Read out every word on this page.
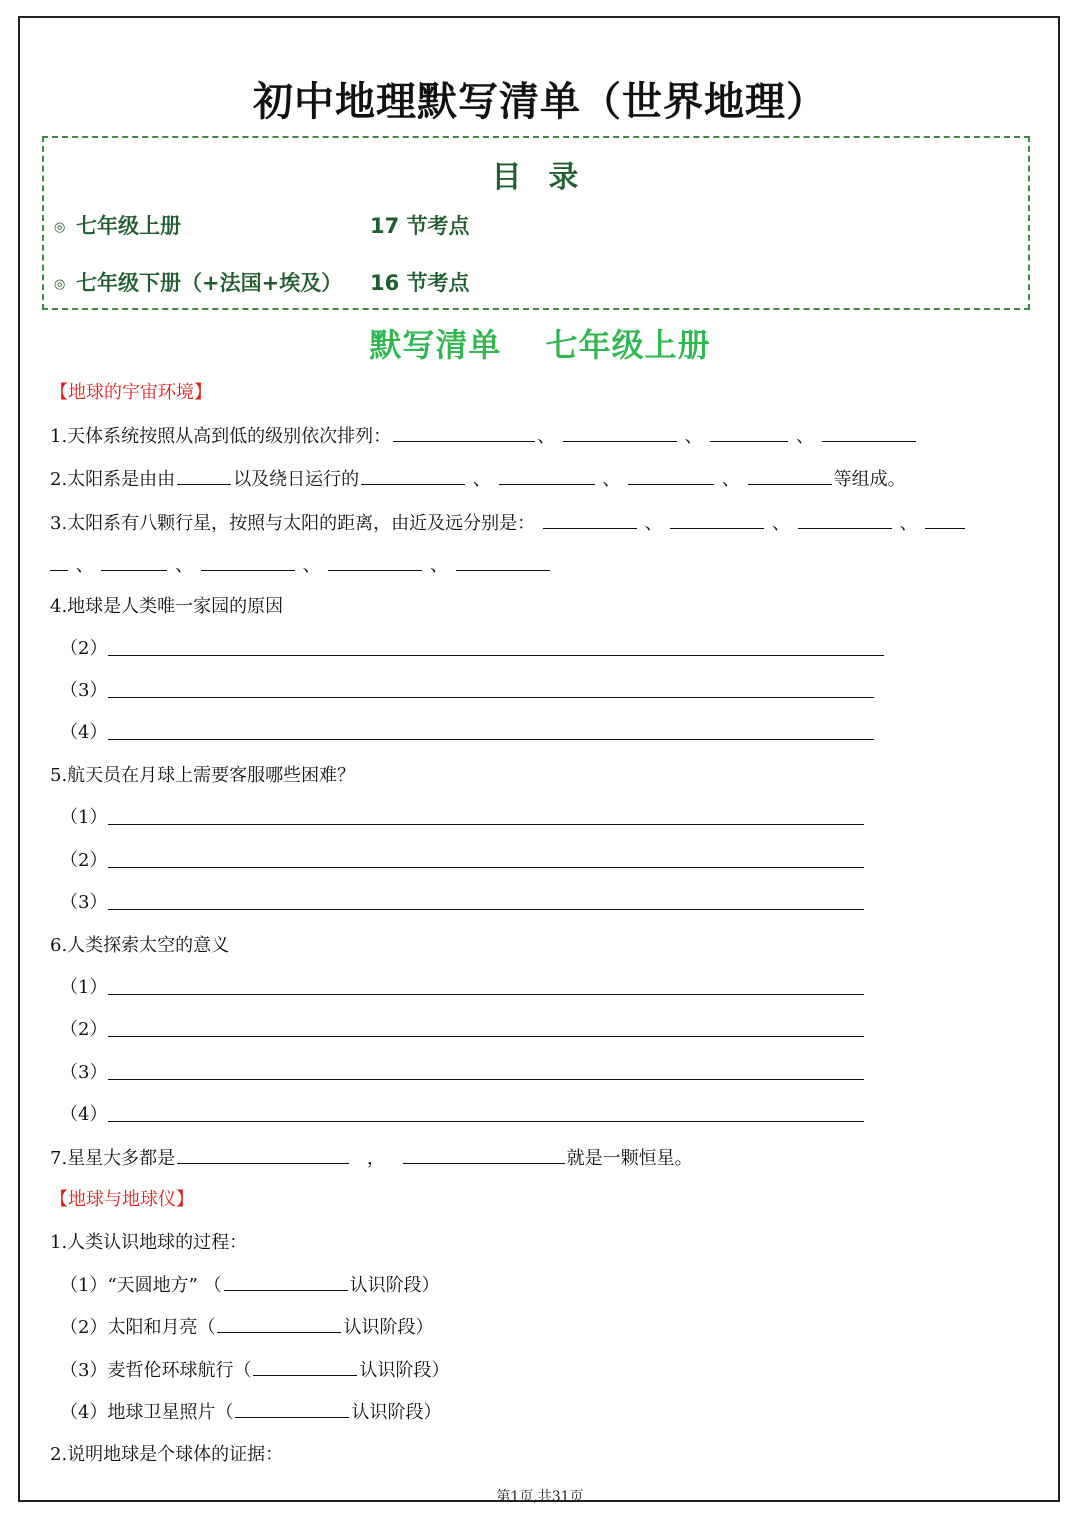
初中地理默写清单（世界地理）
目  录
◎ 七年级上册	17 节考点
◎ 七年级下册（+法国+埃及） 16 节考点
默写清单  七年级上册
【地球的宇宙环境】
1.天体系统按照从高到低的级别依次排列：	、	、	、
2.太阳系是由由	以及绕日运行的	、	、	、	等组成。
3.太阳系有八颗行星，按照与太阳的距离，由近及远分别是：	、	、	、
、	、	、	、
4.地球是人类唯一家园的原因
（2）
（3）
（4）
5.航天员在月球上需要客服哪些困难？
（1）
（2）
（3）
6.人类探索太空的意义
（1）
（2）
（3）
（4）
7.星星大多都是	，	就是一颗恒星。
【地球与地球仪】
1.人类认识地球的过程：
（1）“天圆地方” （	认识阶段）
（2）太阳和月亮（	认识阶段）
（3）麦哲伦环球航行（	认识阶段）
（4）地球卫星照片（	认识阶段）
2.说明地球是个球体的证据：
第1页,共31页
